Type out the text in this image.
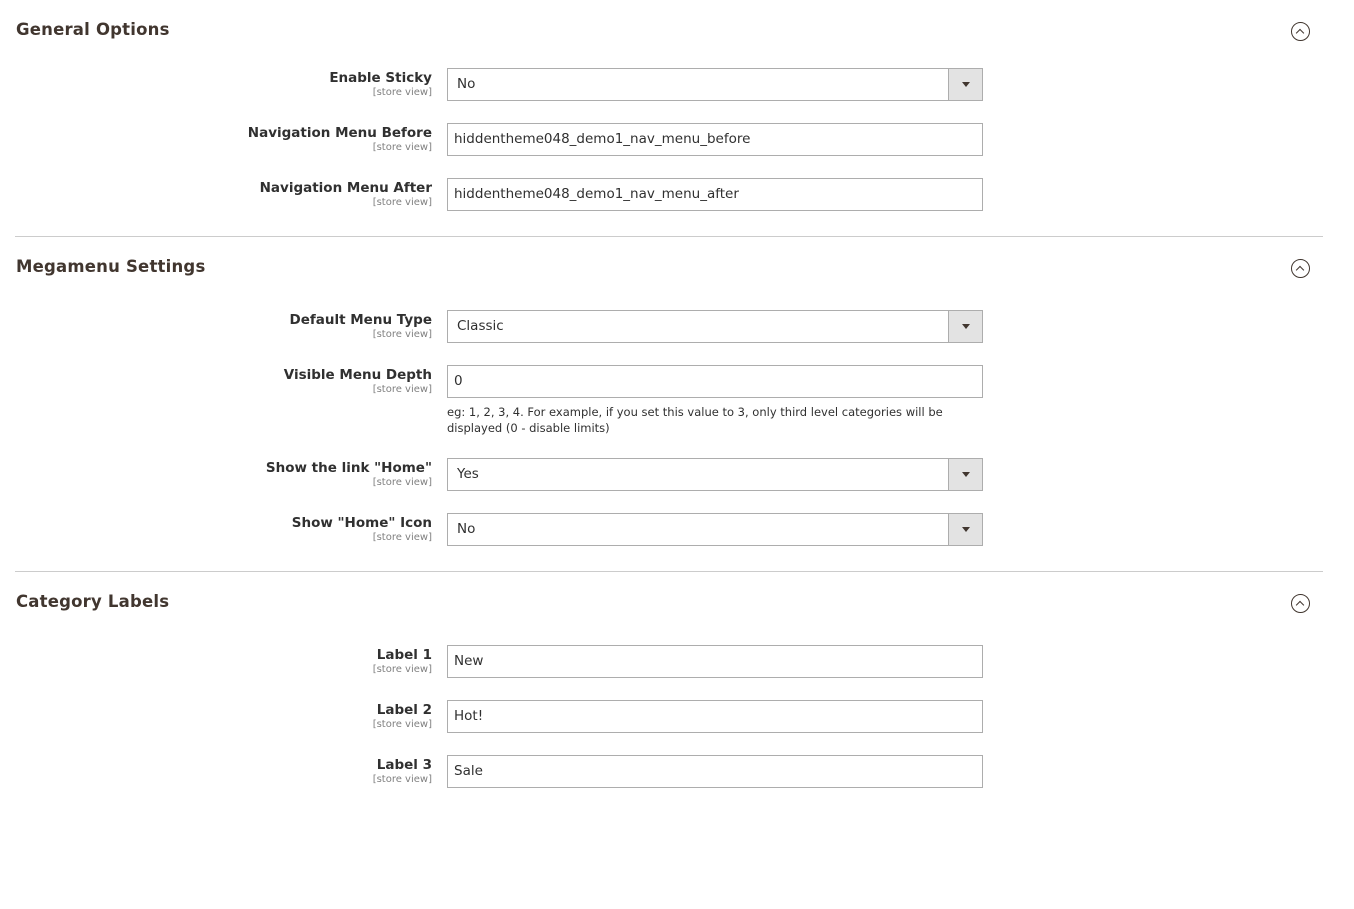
General Options
Enable Sticky
[store view]
No
Navigation Menu Before
[store view]
hiddentheme048_demo1_nav_menu_before
Navigation Menu After
[store view]
hiddentheme048_demo1_nav_menu_after
Megamenu Settings
Default Menu Type
[store view]
Classic
Visible Menu Depth
[store view]
0
eg: 1, 2, 3, 4. For example, if you set this value to 3, only third level categories will be displayed (0 - disable limits)
Show the link "Home"
[store view]
Yes
Show "Home" Icon
[store view]
No
Category Labels
Label 1
[store view]
New
Label 2
[store view]
Hot!
Label 3
[store view]
Sale
